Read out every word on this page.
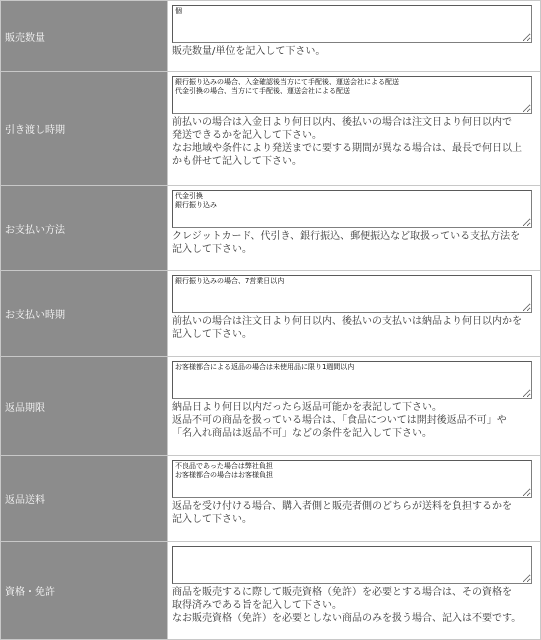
販売数量
個
販売数量/単位を記入して下さい。
引き渡し時期
銀行振り込みの場合、入金確認後当方にて手配後、運送会社による配送 代金引換の場合、当方にて手配後、運送会社による配送
前払いの場合は入金日より何日以内、後払いの場合は注文日より何日以内で
発送できるかを記入して下さい。
なお地域や条件により発送までに要する期間が異なる場合は、最長で何日以上
かも併せて記入して下さい。
お支払い方法
代金引換 銀行振り込み
クレジットカード、代引き、銀行振込、郵便振込など取扱っている支払方法を
記入して下さい。
お支払い時期
銀行振り込みの場合、7営業日以内
前払いの場合は注文日より何日以内、後払いの支払いは納品より何日以内かを
記入して下さい。
返品期限
お客様都合による返品の場合は未使用品に限り1週間以内	納品日より何日以内だったら返品可能かを表記して下さい。
返品不可の商品を扱っている場合は、「食品については開封後返品不可」や
「名入れ商品は返品不可」などの条件を記入して下さい。
返品送料
不良品であった場合は弊社負担 お客様都合の場合はお客様負担
返品を受け付ける場合、購入者側と販売者側のどちらが送料を負担するかを
記入して下さい。
資格・免許	商品を販売するに際して販売資格（免許）を必要とする場合は、その資格を
取得済みである旨を記入して下さい。
なお販売資格（免許）を必要としない商品のみを扱う場合、記入は不要です。
